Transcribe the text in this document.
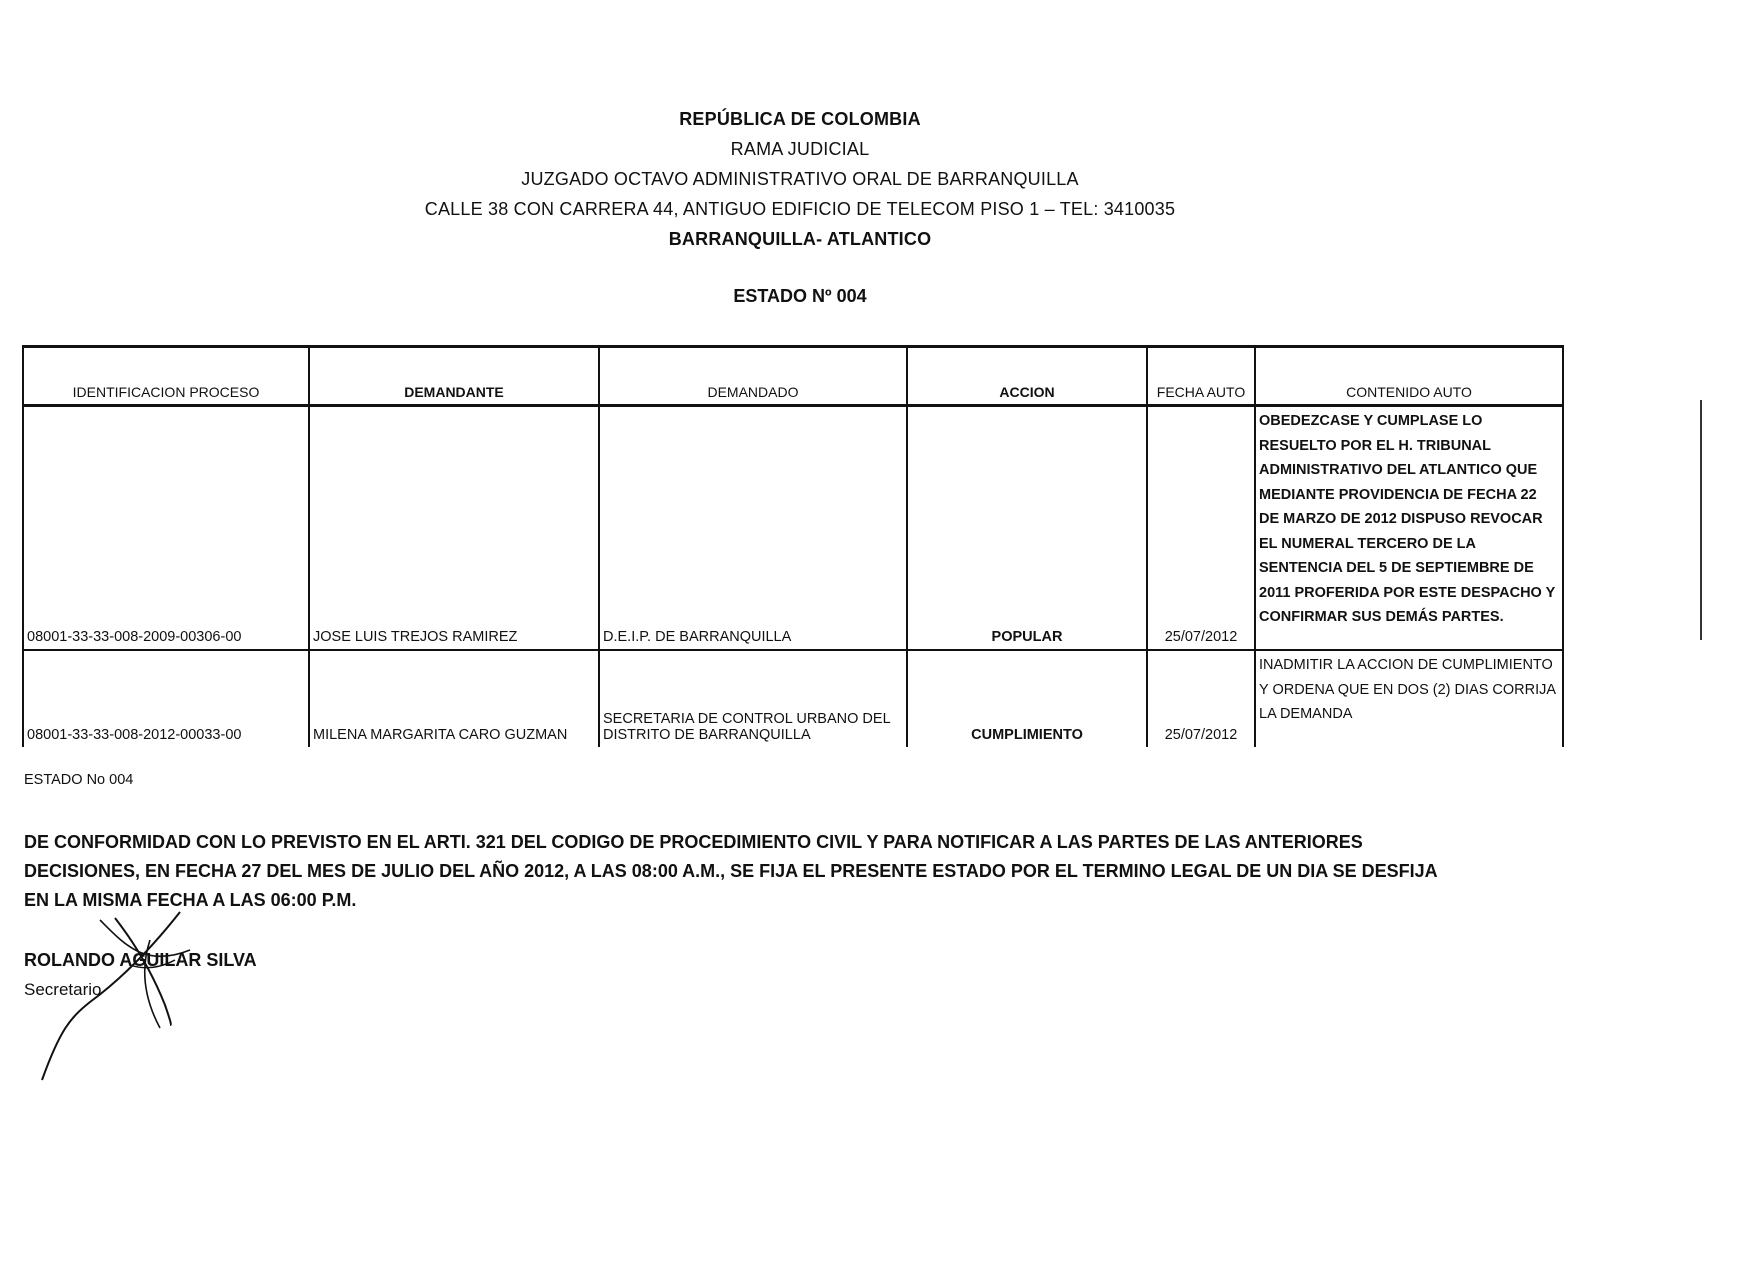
REPÚBLICA DE COLOMBIA
RAMA JUDICIAL
JUZGADO OCTAVO ADMINISTRATIVO ORAL DE BARRANQUILLA
CALLE 38 CON CARRERA 44, ANTIGUO EDIFICIO DE TELECOM PISO 1 – TEL: 3410035
BARRANQUILLA- ATLANTICO
ESTADO Nº 004
IDENTIFICACION PROCESO	DEMANDANTE	DEMANDADO	ACCION	FECHA AUTO	CONTENIDO AUTO
08001-33-33-008-2009-00306-00	JOSE LUIS TREJOS RAMIREZ	D.E.I.P. DE BARRANQUILLA	POPULAR	25/07/2012	OBEDEZCASE Y CUMPLASE LO RESUELTO POR EL H. TRIBUNAL ADMINISTRATIVO DEL ATLANTICO QUE MEDIANTE PROVIDENCIA DE FECHA 22 DE MARZO DE 2012 DISPUSO REVOCAR EL NUMERAL TERCERO DE LA SENTENCIA DEL 5 DE SEPTIEMBRE DE 2011 PROFERIDA POR ESTE DESPACHO Y CONFIRMAR SUS DEMÁS PARTES.
08001-33-33-008-2012-00033-00	MILENA MARGARITA CARO GUZMAN	SECRETARIA DE CONTROL URBANO DEL DISTRITO DE BARRANQUILLA	CUMPLIMIENTO	25/07/2012	INADMITIR LA ACCION DE CUMPLIMIENTO Y ORDENA QUE EN DOS (2) DIAS CORRIJA LA DEMANDA
ESTADO No 004
DE CONFORMIDAD CON LO PREVISTO EN EL ARTI. 321 DEL CODIGO DE PROCEDIMIENTO CIVIL Y PARA NOTIFICAR A LAS PARTES DE LAS ANTERIORES DECISIONES, EN FECHA 27 DEL MES DE JULIO DEL AÑO 2012, A LAS 08:00 A.M., SE FIJA EL PRESENTE ESTADO POR EL TERMINO LEGAL DE UN DIA SE DESFIJA EN LA MISMA FECHA A LAS 06:00 P.M.
ROLANDO AGUILAR SILVA
Secretario
